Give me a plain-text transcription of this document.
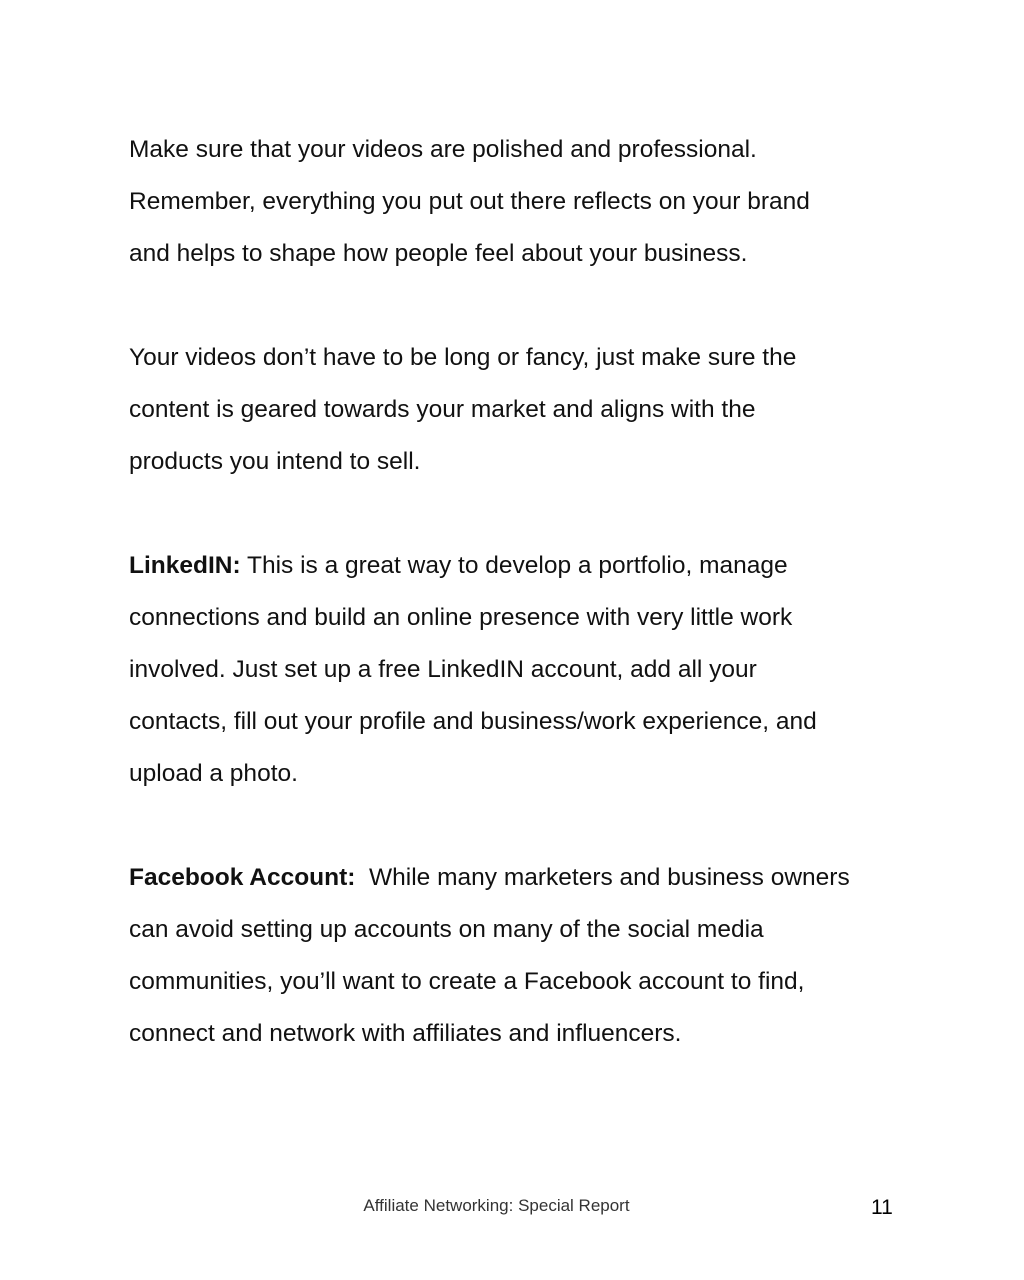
Make sure that your videos are polished and professional.
Remember, everything you put out there reflects on your brand
and helps to shape how people feel about your business.

Your videos don’t have to be long or fancy, just make sure the
content is geared towards your market and aligns with the
products you intend to sell.

LinkedIN: This is a great way to develop a portfolio, manage
connections and build an online presence with very little work
involved. Just set up a free LinkedIN account, add all your
contacts, fill out your profile and business/work experience, and
upload a photo.

Facebook Account:  While many marketers and business owners
can avoid setting up accounts on many of the social media
communities, you’ll want to create a Facebook account to find,
connect and network with affiliates and influencers.

Affiliate Networking: Special Report	11
